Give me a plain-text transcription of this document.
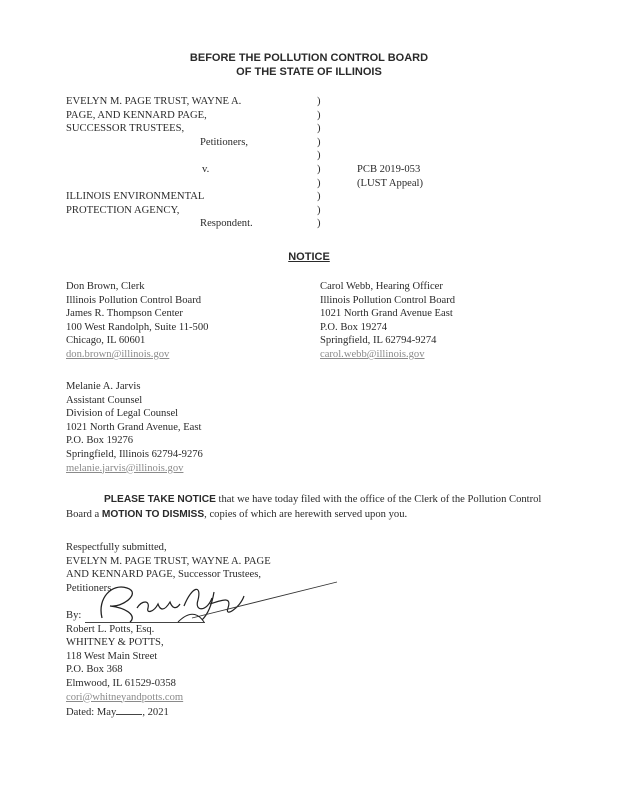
BEFORE THE POLLUTION CONTROL BOARD
OF THE STATE OF ILLINOIS
EVELYN M. PAGE TRUST, WAYNE A.
PAGE, AND KENNARD PAGE,
SUCCESSOR TRUSTEES,
Petitioners,
v.
ILLINOIS ENVIRONMENTAL
PROTECTION AGENCY,
Respondent.
)
)
)
)
)
)
)
)
)
)
PCB 2019-053
(LUST Appeal)
NOTICE
Don Brown, Clerk
Illinois Pollution Control Board
James R. Thompson Center
100 West Randolph, Suite 11-500
Chicago, IL 60601
don.brown@illinois.gov
Carol Webb, Hearing Officer
Illinois Pollution Control Board
1021 North Grand Avenue East
P.O. Box 19274
Springfield, IL 62794-9274
carol.webb@illinois.gov
Melanie A. Jarvis
Assistant Counsel
Division of Legal Counsel
1021 North Grand Avenue, East
P.O. Box 19276
Springfield, Illinois 62794-9276
melanie.jarvis@illinois.gov
PLEASE TAKE NOTICE that we have today filed with the office of the Clerk of the Pollution Control Board a MOTION TO DISMISS, copies of which are herewith served upon you.
Respectfully submitted,
EVELYN M. PAGE TRUST, WAYNE A. PAGE
AND KENNARD PAGE, Successor Trustees,
Petitioners
By:
Robert L. Potts, Esq.
WHITNEY & POTTS,
118 West Main Street
P.O. Box 368
Elmwood, IL 61529-0358
cori@whitneyandpotts.com
Dated: May , 2021
